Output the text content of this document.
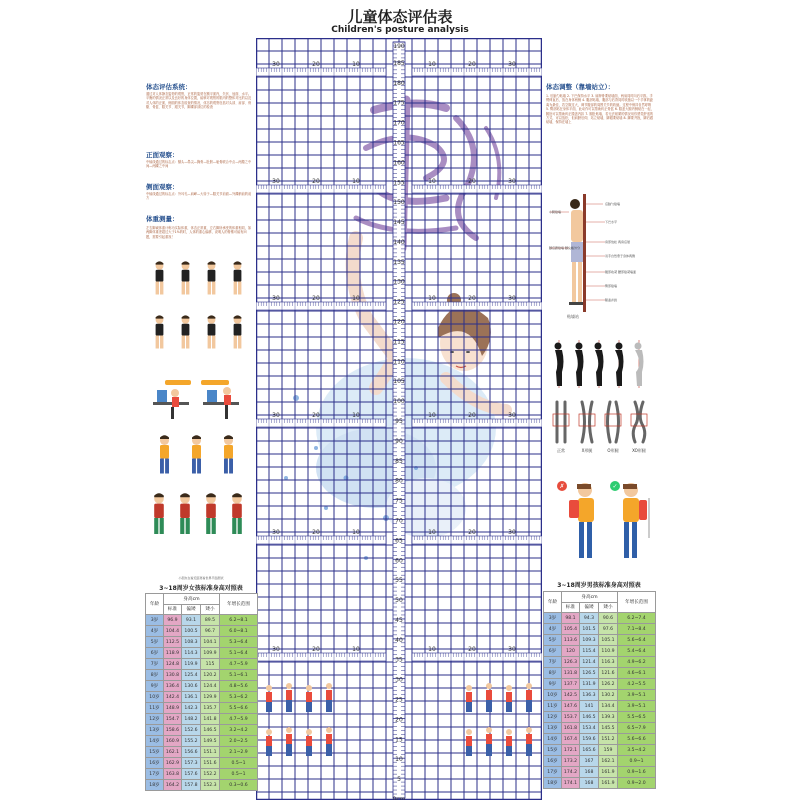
儿童体态评估表
Children's posture analysis
体态评估系统：
通过对人体静态姿势的观察，正常的姿势在额平面内，矢状、冠面、水平。平衡的情况正常以及良好的身体位置，能够对观察的肌肉的整体对比的以及对人体的正面，侧面的体态检查的情况，体态的观察包括对头部、肩部、骨骼、骨盆、膝关节、跟关节，脚踝部部位的检查
正面观察：
中轴线通过的标志点：额头—鼻尖—胸骨—肚脐—耻骨联合中点—两膝之中间—两踝之中间
侧面观察：
中轴线通过的标志点：外耳孔—肩峰—大转子—膝关节前面—外踝稍前的前方
体重测量：
左右脚诚体重计称为实际体重，体态正常重，左右脚所承受的体重相同，如两脚体重差超过大于1%的时，人体的重心偏移，说明人的脊椎可能有问题，需要引起重视！
小朋友在看近距离看世界平面测试
体态调整（靠墙站立）：
1. 后脑勺贴墙 2. 下巴保持水平 3. 肩胛骨要贴墙面，两肩同时向后平推。手臂伸直后，放在身体两侧 4. 腹部贴墙，腹部与后背同时收缩以一个手掌的距离为最佳，若空隙过大，调节腹部的周围关节的收缩。过程中保持自然呼吸 5. 臀部贴在身体平面，此动作可以帮助纠正骨盆 6. 膝盖大腿内侧贴在一起，腿肚可以帮助纠正膝盖内扣 7. 腿肚贴墙，若无法贴紧的情况用你感觉舒适的方式，可以放松，但肩膀后仰，站立贴墙，脚跟要贴墙 8. 脚要并拢，脚后跟贴墙，保持在墙上
贴墙站
后脑勺贴墙
下巴水平
肩部放松 两肩后展
双手自然垂于身体两侧
腹部收紧 腰部贴紧墙面
臀部贴墙
膝盖并拢
小腿贴墙
脚后跟贴墙 脚尖略外分
正常	X形腿	O形腿	XO形腿
✗	✓
190
185
180
175
170
165
160
155
150
145
140
135
130
125
120
115
110
105
100
95
90
85
80
75
70
65
60
55
50
45
40
35
30
25
20
15
10
5
0cm
30	20	10	10	20	30
30	20	10	10	20	30
30	20	10	10	20	30
30	20	10	10	20	30
30	20	10	10	20	30
30	20	10	10	20	30
3~18周岁女孩标准身高对照表
年龄	身高cm			年增长范围
	标准	偏矮	矮小	
3岁	96.9	93.1	89.5	6.2~8.1
4岁	104.4	100.5	96.7	6.0~8.1
5岁	112.5	108.3	104.1	5.3~6.4
6岁	118.9	114.3	109.9	5.1~6.4
7岁	124.8	119.9	115	4.7~5.9
8岁	130.8	125.4	120.2	5.1~6.1
9岁	136.4	130.6	124.4	4.8~5.6
10岁	142.4	136.1	129.9	5.3~6.2
11岁	148.9	142.3	135.7	5.5~6.6
12岁	154.7	148.2	141.8	4.7~5.9
13岁	158.6	152.6	146.5	3.2~4.2
14岁	160.9	155.2	149.5	2.0~2.5
15岁	162.1	156.6	151.1	2.1~2.9
16岁	162.9	157.3	151.6	0.5~1
17岁	163.8	157.6	152.2	0.5~1
18岁	164.2	157.8	152.3	0.3~0.6
3~18周岁男孩标准身高对照表
年龄	身高cm			年增长范围
	标准	偏矮	矮小	
3岁	98.1	94.3	90.6	6.2~7.4
4岁	105.4	101.5	97.6	7.1~8.4
5岁	113.6	109.3	105.1	5.6~6.4
6岁	120	115.4	110.9	5.4~6.4
7岁	126.3	121.4	116.3	4.9~6.2
8岁	131.8	126.5	121.6	4.6~6.1
9岁	137.7	131.9	126.2	4.2~5.5
10岁	142.5	136.3	130.2	3.9~5.1
11岁	147.6	141	134.4	3.9~5.1
12岁	153.7	146.5	139.3	5.5~6.5
13岁	161.8	153.4	145.5	6.5~7.9
14岁	167.4	159.6	151.2	5.6~6.6
15岁	172.1	165.6	159	3.5~4.2
16岁	173.2	167	162.1	0.9~1
17岁	174.2	168	161.9	0.9~1.6
18岁	174.1	168	161.9	0.9~2.0
